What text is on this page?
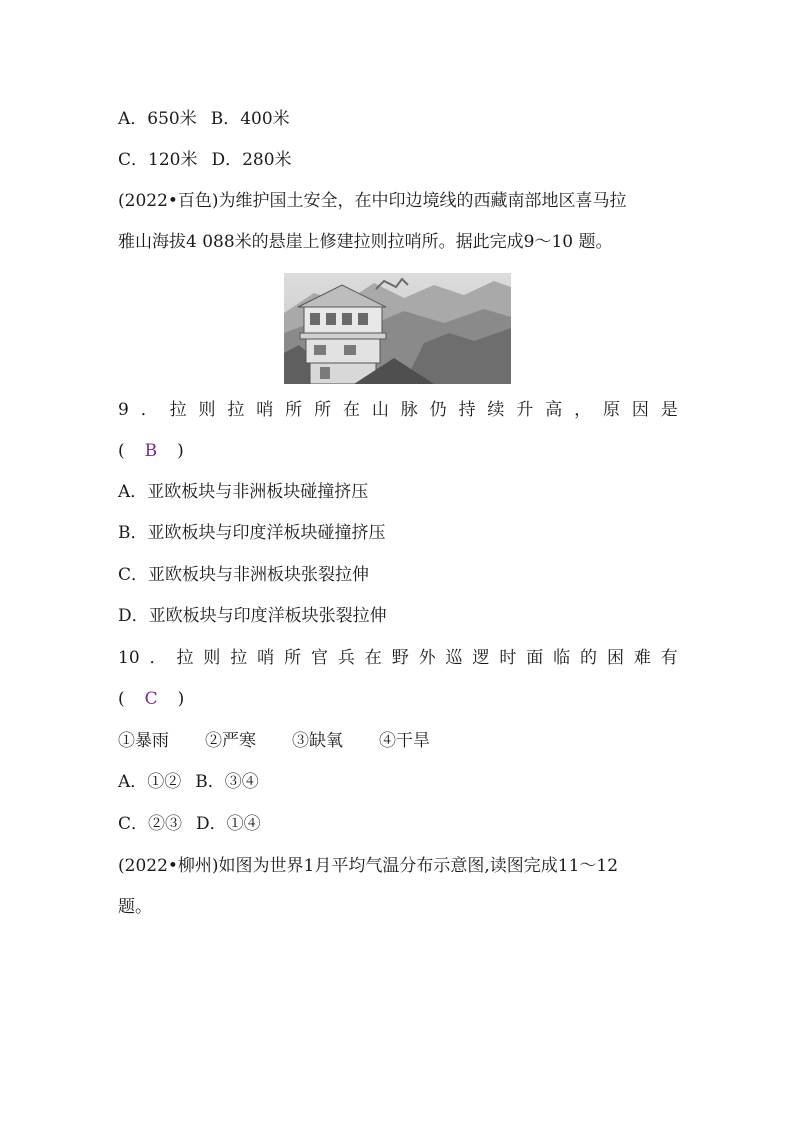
A．650米 B．400米
C．120米 D．280米
(2022•百色)为维护国土安全，在中印边境线的西藏南部地区喜马拉
雅山海拔4 088米的悬崖上修建拉则拉哨所。据此完成9～10 题。
9 ． 拉 则 拉 哨 所 所 在 山 脉 仍 持 续 升 高 ， 原 因 是
( B )
A．亚欧板块与非洲板块碰撞挤压
B．亚欧板块与印度洋板块碰撞挤压
C．亚欧板块与非洲板块张裂拉伸
D．亚欧板块与印度洋板块张裂拉伸
10 ． 拉 则 拉 哨 所 官 兵 在 野 外 巡 逻 时 面 临 的 困 难 有
( C )
①暴雨 ②严寒 ③缺氧 ④干旱
A．①② B．③④
C．②③ D．①④
(2022•柳州)如图为世界1月平均气温分布示意图,读图完成11～12
题。
